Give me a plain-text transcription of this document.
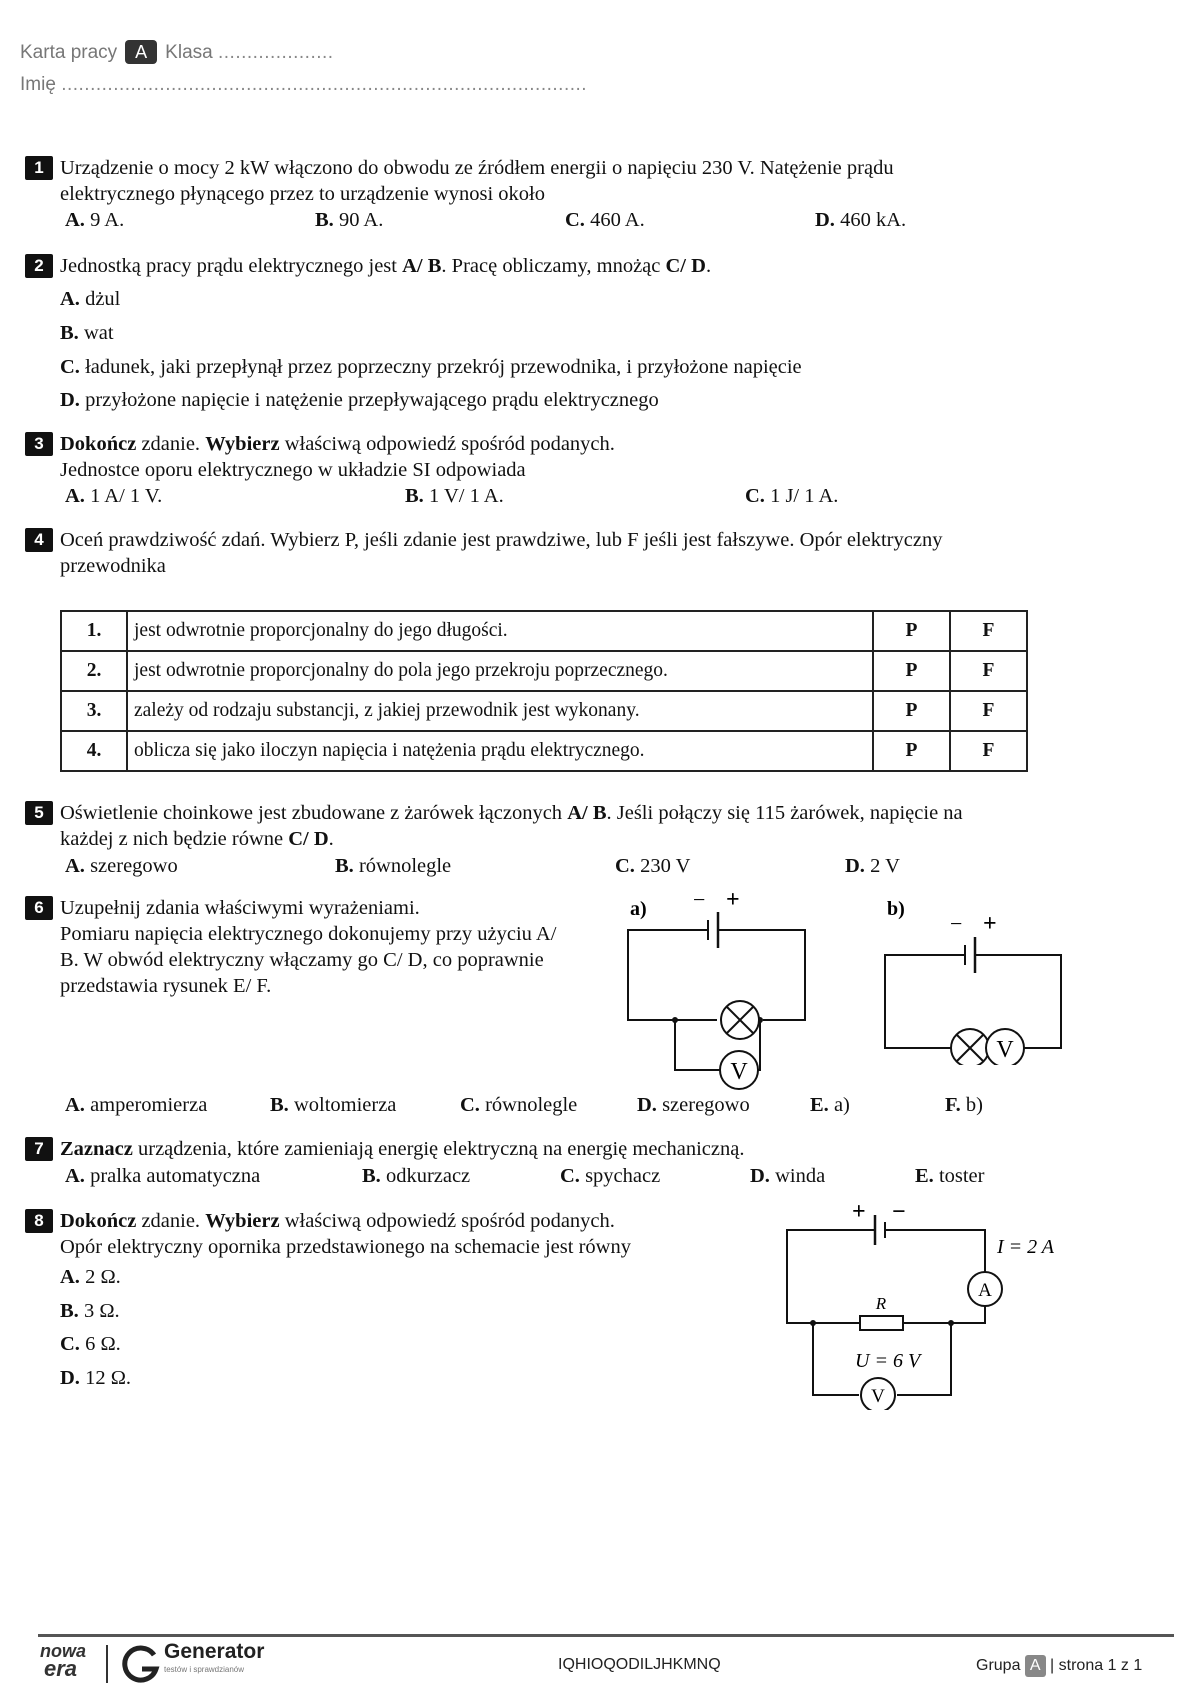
Karta pracy A Klasa ....................
Imię ...........................................................................................
1 Urządzenie o mocy 2 kW włączono do obwodu ze źródłem energii o napięciu 230 V. Natężenie prądu
elektrycznego płynącego przez to urządzenie wynosi około
A. 9 A.	B. 90 A.	C. 460 A.	D. 460 kA.
2 Jednostką pracy prądu elektrycznego jest A/ B. Pracę obliczamy, mnożąc C/ D.
A. dżul
B. wat
C. ładunek, jaki przepłynął przez poprzeczny przekrój przewodnika, i przyłożone napięcie
D. przyłożone napięcie i natężenie przepływającego prądu elektrycznego
3 Dokończ zdanie. Wybierz właściwą odpowiedź spośród podanych.
Jednostce oporu elektrycznego w układzie SI odpowiada
A. 1 A/ 1 V.	B. 1 V/ 1 A.	C. 1 J/ 1 A.
4 Oceń prawdziwość zdań. Wybierz P, jeśli zdanie jest prawdziwe, lub F jeśli jest fałszywe. Opór elektryczny
przewodnika
1.	jest odwrotnie proporcjonalny do jego długości.	P	F
2.	jest odwrotnie proporcjonalny do pola jego przekroju poprzecznego.	P	F
3.	zależy od rodzaju substancji, z jakiej przewodnik jest wykonany.	P	F
4.	oblicza się jako iloczyn napięcia i natężenia prądu elektrycznego.	P	F
5 Oświetlenie choinkowe jest zbudowane z żarówek łączonych A/ B. Jeśli połączy się 115 żarówek, napięcie na
każdej z nich będzie równe C/ D.
A. szeregowo	B. równolegle	C. 230 V	D. 2 V
6 Uzupełnij zdania właściwymi wyrażeniami.
Pomiaru napięcia elektrycznego dokonujemy przy użyciu A/
B. W obwód elektryczny włączamy go C/ D, co poprawnie
przedstawia rysunek E/ F.
a) − +
V
b)
− +
V
A. amperomierza	B. woltomierza	C. równolegle	D. szeregowo	E. a)	F. b)
7 Zaznacz urządzenia, które zamieniają energię elektryczną na energię mechaniczną.
A. pralka automatyczna	B. odkurzacz	C. spychacz	D. winda	E. toster
8 Dokończ zdanie. Wybierz właściwą odpowiedź spośród podanych.
Opór elektryczny opornika przedstawionego na schemacie jest równy
A. 2 Ω.
B. 3 Ω.
C. 6 Ω.
D. 12 Ω.
+ −
R
A
I = 2 A
U = 6 V
V
nowa
era
Generator
testów i sprawdzianów	IQHIOQODILJHKMNQ	Grupa A | strona 1 z 1
